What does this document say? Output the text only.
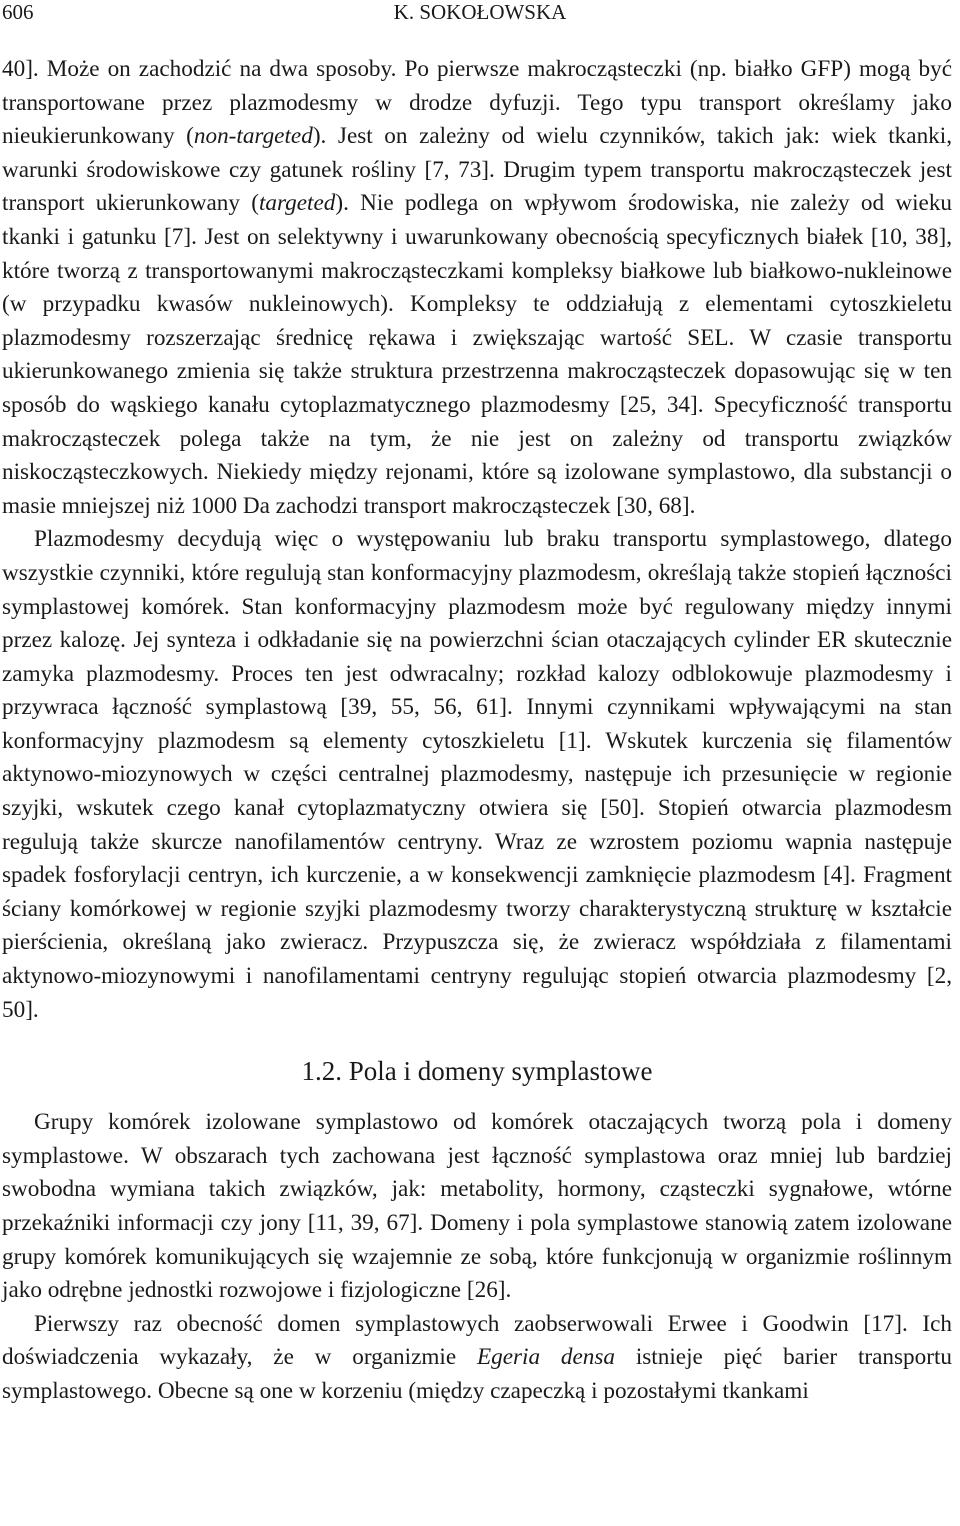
606	K. SOKOŁOWSKA

40]. Może on zachodzić na dwa sposoby. Po pierwsze makrocząsteczki (np. białko GFP) mogą być transportowane przez plazmodesmy w drodze dyfuzji. Tego typu transport określamy jako nieukierunkowany (non-targeted). Jest on zależny od wielu czynników, takich jak: wiek tkanki, warunki środowiskowe czy gatunek rośliny [7, 73]. Drugim typem transportu makrocząsteczek jest transport ukierunkowany (targeted). Nie podlega on wpływom środowiska, nie zależy od wieku tkanki i gatunku [7]. Jest on selektywny i uwarunkowany obecnością specyficznych białek [10, 38], które tworzą z transportowanymi makrocząsteczkami kompleksy białkowe lub białkowo-nukleinowe (w przypadku kwasów nukleinowych). Kompleksy te oddziałują z elementami cytoszkieletu plazmodesmy rozszerzając średnicę rękawa i zwiększając wartość SEL. W czasie transportu ukierunkowanego zmienia się także struktura przestrzenna makrocząsteczek dopasowując się w ten sposób do wąskiego kanału cytoplazmatycznego plazmodesmy [25, 34]. Specyficzność transportu makrocząsteczek polega także na tym, że nie jest on zależny od transportu związków niskocząsteczkowych. Niekiedy między rejonami, które są izolowane symplastowo, dla substancji o masie mniejszej niż 1000 Da zachodzi transport makrocząsteczek [30, 68].

Plazmodesmy decydują więc o występowaniu lub braku transportu symplastowego, dlatego wszystkie czynniki, które regulują stan konformacyjny plazmodesm, określają także stopień łączności symplastowej komórek. Stan konformacyjny plazmodesm może być regulowany między innymi przez kalozę. Jej synteza i odkładanie się na powierzchni ścian otaczających cylinder ER skutecznie zamyka plazmodesmy. Proces ten jest odwracalny; rozkład kalozy odblokowuje plazmodesmy i przywraca łączność symplastową [39, 55, 56, 61]. Innymi czynnikami wpływającymi na stan konformacyjny plazmodesm są elementy cytoszkieletu [1]. Wskutek kurczenia się filamentów aktynowo-miozynowych w części centralnej plazmodesmy, następuje ich przesunięcie w regionie szyjki, wskutek czego kanał cytoplazmatyczny otwiera się [50]. Stopień otwarcia plazmodesm regulują także skurcze nanofilamentów centryny. Wraz ze wzrostem poziomu wapnia następuje spadek fosforylacji centryn, ich kurczenie, a w konsekwencji zamknięcie plazmodesm [4]. Fragment ściany komórkowej w regionie szyjki plazmodesmy tworzy charakterystyczną strukturę w kształcie pierścienia, określaną jako zwieracz. Przypuszcza się, że zwieracz współdziała z filamentami aktynowo-miozynowymi i nanofilamentami centryny regulując stopień otwarcia plazmodesmy [2, 50].

1.2. Pola i domeny symplastowe

Grupy komórek izolowane symplastowo od komórek otaczających tworzą pola i domeny symplastowe. W obszarach tych zachowana jest łączność symplastowa oraz mniej lub bardziej swobodna wymiana takich związków, jak: metabolity, hormony, cząsteczki sygnałowe, wtórne przekaźniki informacji czy jony [11, 39, 67]. Domeny i pola symplastowe stanowią zatem izolowane grupy komórek komunikujących się wzajemnie ze sobą, które funkcjonują w organizmie roślinnym jako odrębne jednostki rozwojowe i fizjologiczne [26].

Pierwszy raz obecność domen symplastowych zaobserwowali Erwee i Goodwin [17]. Ich doświadczenia wykazały, że w organizmie Egeria densa istnieje pięć barier transportu symplastowego. Obecne są one w korzeniu (między czapeczką i pozostałymi tkankami
